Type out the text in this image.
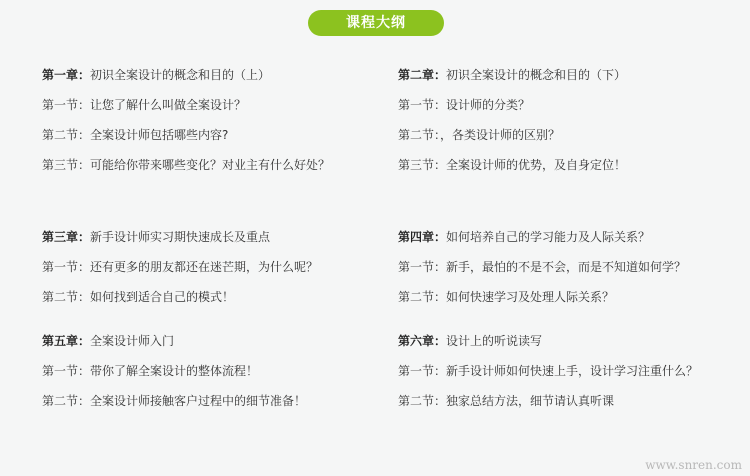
课程大纲
第一章：初识全案设计的概念和目的（上）
第一节：让您了解什么叫做全案设计？
第二节：全案设计师包括哪些内容?
第三节：可能给你带来哪些变化？对业主有什么好处？
第二章：初识全案设计的概念和目的（下）
第一节：设计师的分类？
第二节：，各类设计师的区别？
第三节：全案设计师的优势，及自身定位！
第三章：新手设计师实习期快速成长及重点
第一节：还有更多的朋友都还在迷芒期，为什么呢？
第二节：如何找到适合自己的模式！
第四章：如何培养自己的学习能力及人际关系？
第一节：新手，最怕的不是不会，而是不知道如何学？
第二节：如何快速学习及处理人际关系？
第五章：全案设计师入门
第一节：带你了解全案设计的整体流程！
第二节：全案设计师接触客户过程中的细节准备！
第六章：设计上的听说读写
第一节：新手设计师如何快速上手，设计学习注重什么？
第二节：独家总结方法，细节请认真听课
www.snren.com
